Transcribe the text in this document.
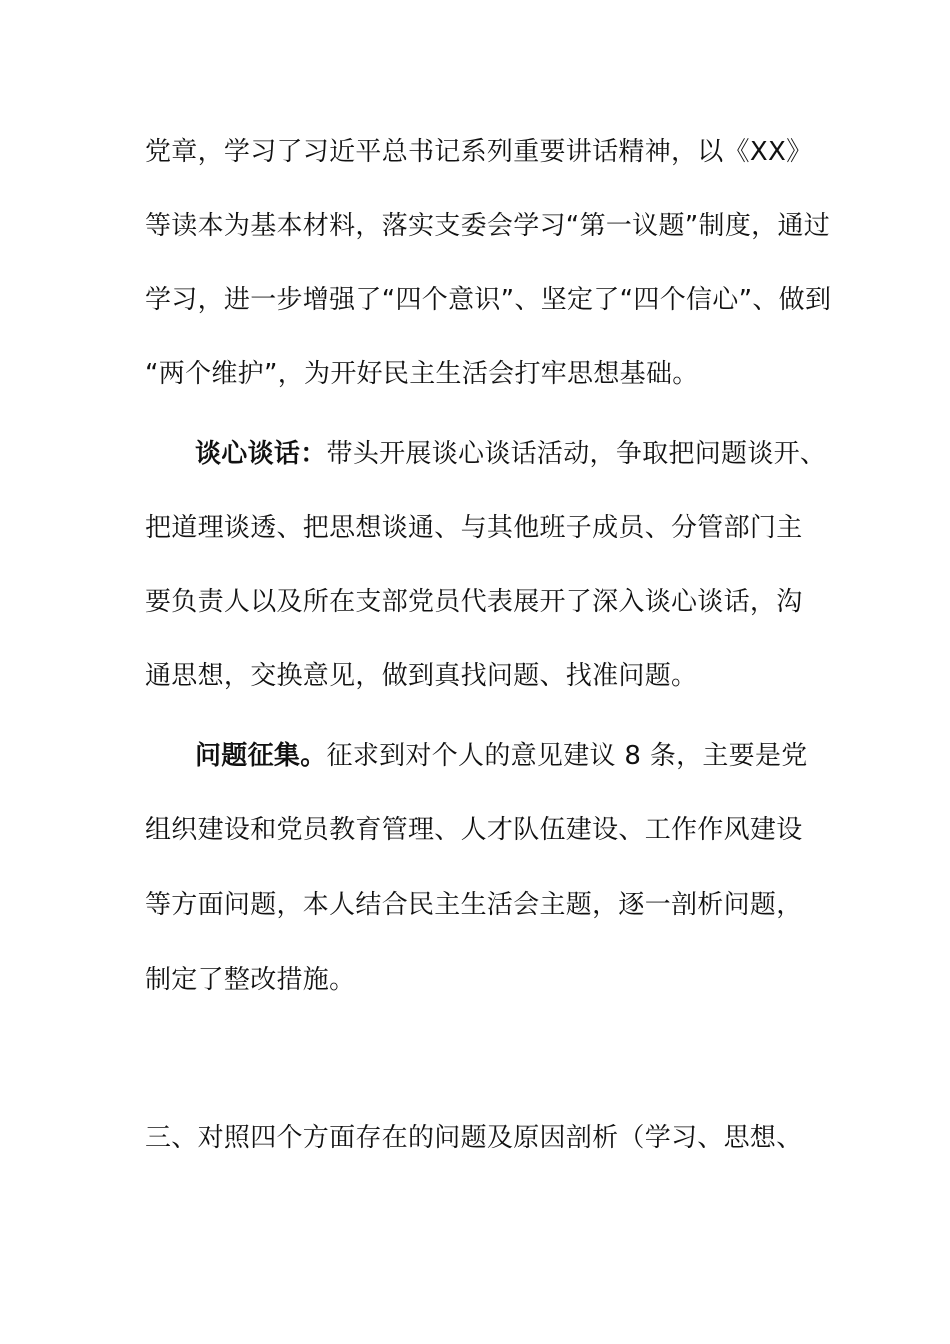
党章，学习了习近平总书记系列重要讲话精神，以《XX》
等读本为基本材料，落实支委会学习“第一议题”制度，通过
学习，进一步增强了“四个意识”、坚定了“四个信心”、做到
“两个维护”，为开好民主生活会打牢思想基础。
谈心谈话：带头开展谈心谈话活动，争取把问题谈开、
把道理谈透、把思想谈通、与其他班子成员、分管部门主
要负责人以及所在支部党员代表展开了深入谈心谈话，沟
通思想，交换意见，做到真找问题、找准问题。
问题征集。征求到对个人的意见建议 8 条，主要是党
组织建设和党员教育管理、人才队伍建设、工作作风建设
等方面问题，本人结合民主生活会主题，逐一剖析问题，
制定了整改措施。
三、对照四个方面存在的问题及原因剖析（学习、思想、
